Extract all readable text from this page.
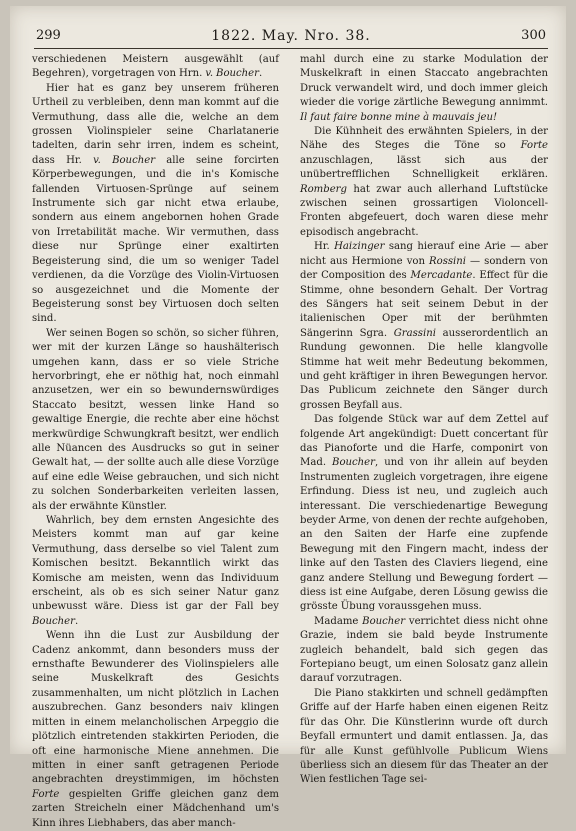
299	1822. May. Nro. 38.	300

verschiedenen Meistern ausgewählt (auf Begehren), vorgetragen von Hrn. v. Boucher.

Hier hat es ganz bey unserem früheren Urtheil zu verbleiben, denn man kommt auf die Vermuthung, dass alle die, welche an dem grossen Violinspieler seine Charlatanerie tadelten, darin sehr irren, indem es scheint, dass Hr. v. Boucher alle seine forcirten Körperbewegungen, und die in's Komische fallenden Virtuosen-Sprünge auf seinem Instrumente sich gar nicht etwa erlaube, sondern aus einem angebornen hohen Grade von Irretabilität mache. Wir vermuthen, dass diese nur Sprünge einer exaltirten Begeisterung sind, die um so weniger Tadel verdienen, da die Vorzüge des Violin-Virtuosen so ausgezeichnet und die Momente der Begeisterung sonst bey Virtuosen doch selten sind.

Wer seinen Bogen so schön, so sicher führen, wer mit der kurzen Länge so haushälterisch umgehen kann, dass er so viele Striche hervorbringt, ehe er nöthig hat, noch einmahl anzusetzen, wer ein so bewundernswürdiges Staccato besitzt, wessen linke Hand so gewaltige Energie, die rechte aber eine höchst merkwürdige Schwungkraft besitzt, wer endlich alle Nüancen des Ausdrucks so gut in seiner Gewalt hat, — der sollte auch alle diese Vorzüge auf eine edle Weise gebrauchen, und sich nicht zu solchen Sonderbarkeiten verleiten lassen, als der erwähnte Künstler.

Wahrlich, bey dem ernsten Angesichte des Meisters kommt man auf gar keine Vermuthung, dass derselbe so viel Talent zum Komischen besitzt. Bekanntlich wirkt das Komische am meisten, wenn das Individuum erscheint, als ob es sich seiner Natur ganz unbewusst wäre. Diess ist gar der Fall bey Boucher.

Wenn ihn die Lust zur Ausbildung der Cadenz ankommt, dann besonders muss der ernsthafte Bewunderer des Violinspielers alle seine Muskelkraft des Gesichts zusammenhalten, um nicht plötzlich in Lachen auszubrechen. Ganz besonders naiv klingen mitten in einem melancholischen Arpeggio die plötzlich eintretenden stakkirten Perioden, die oft eine harmonische Miene annehmen. Die mitten in einer sanft getragenen Periode angebrachten dreystimmigen, im höchsten Forte gespielten Griffe gleichen ganz dem zarten Streicheln einer Mädchenhand um's Kinn ihres Liebhabers, das aber manch-

mahl durch eine zu starke Modulation der Muskelkraft in einen Staccato angebrachten Druck verwandelt wird, und doch immer gleich wieder die vorige zärtliche Bewegung annimmt. Il faut faire bonne mine à mauvais jeu!

Die Kühnheit des erwähnten Spielers, in der Nähe des Steges die Töne so Forte anzuschlagen, lässt sich aus der unübertrefflichen Schnelligkeit erklären. Romberg hat zwar auch allerhand Luftstücke zwischen seinen grossartigen Violoncell-Fronten abgefeuert, doch waren diese mehr episodisch angebracht.

Hr. Haizinger sang hierauf eine Arie — aber nicht aus Hermione von Rossini — sondern von der Composition des Mercadante. Effect für die Stimme, ohne besondern Gehalt. Der Vortrag des Sängers hat seit seinem Debut in der italienischen Oper mit der berühmten Sängerinn Sgra. Grassini ausserordentlich an Rundung gewonnen. Die helle klangvolle Stimme hat weit mehr Bedeutung bekommen, und geht kräftiger in ihren Bewegungen hervor. Das Publicum zeichnete den Sänger durch grossen Beyfall aus.

Das folgende Stück war auf dem Zettel auf folgende Art angekündigt: Duett concertant für das Pianoforte und die Harfe, componirt von Mad. Boucher, und von ihr allein auf beyden Instrumenten zugleich vorgetragen, ihre eigene Erfindung. Diess ist neu, und zugleich auch interessant. Die verschiedenartige Bewegung beyder Arme, von denen der rechte aufgehoben, an den Saiten der Harfe eine zupfende Bewegung mit den Fingern macht, indess der linke auf den Tasten des Claviers liegend, eine ganz andere Stellung und Bewegung fordert — diess ist eine Aufgabe, deren Lösung gewiss die grösste Übung voraussgehen muss.

Madame Boucher verrichtet diess nicht ohne Grazie, indem sie bald beyde Instrumente zugleich behandelt, bald sich gegen das Fortepiano beugt, um einen Solosatz ganz allein darauf vorzutragen.

Die Piano stakkirten und schnell gedämpften Griffe auf der Harfe haben einen eigenen Reitz für das Ohr. Die Künstlerinn wurde oft durch Beyfall ermuntert und damit entlassen. Ja, das für alle Kunst gefühlvolle Publicum Wiens überliess sich an diesem für das Theater an der Wien festlichen Tage sei-
